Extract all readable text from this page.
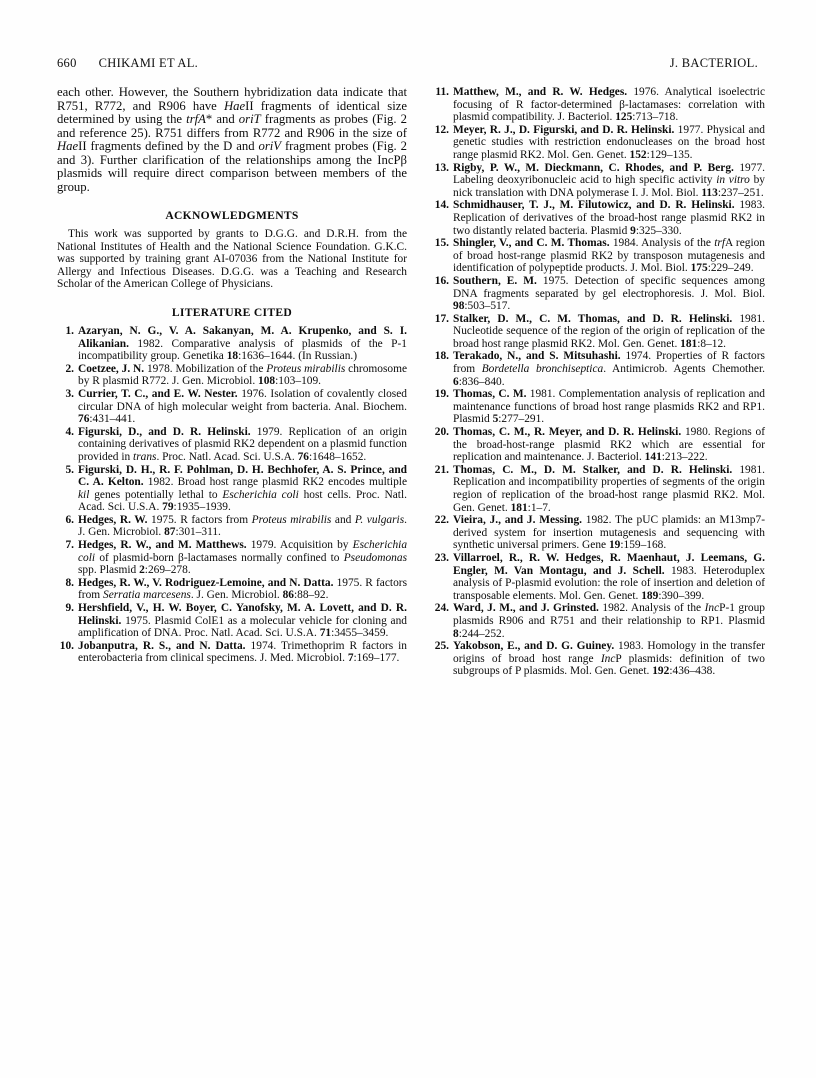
660 CHIKAMI ET AL.	J. BACTERIOL.

each other. However, the Southern hybridization data indicate that R751, R772, and R906 have HaeII fragments of identical size determined by using the trfA* and oriT fragments as probes (Fig. 2 and reference 25). R751 differs from R772 and R906 in the size of HaeII fragments defined by the D and oriV fragment probes (Fig. 2 and 3). Further clarification of the relationships among the IncPβ plasmids will require direct comparison between members of the group.

ACKNOWLEDGMENTS

This work was supported by grants to D.G.G. and D.R.H. from the National Institutes of Health and the National Science Foundation. G.K.C. was supported by training grant AI-07036 from the National Institute for Allergy and Infectious Diseases. D.G.G. was a Teaching and Research Scholar of the American College of Physicians.

LITERATURE CITED
1. Azaryan, N. G., V. A. Sakanyan, M. A. Krupenko, and S. I. Alikanian. 1982. Comparative analysis of plasmids of the P-1 incompatibility group. Genetika 18:1636–1644. (In Russian.)
2. Coetzee, J. N. 1978. Mobilization of the Proteus mirabilis chromosome by R plasmid R772. J. Gen. Microbiol. 108:103–109.
3. Currier, T. C., and E. W. Nester. 1976. Isolation of covalently closed circular DNA of high molecular weight from bacteria. Anal. Biochem. 76:431–441.
4. Figurski, D., and D. R. Helinski. 1979. Replication of an origin containing derivatives of plasmid RK2 dependent on a plasmid function provided in trans. Proc. Natl. Acad. Sci. U.S.A. 76:1648–1652.
5. Figurski, D. H., R. F. Pohlman, D. H. Bechhofer, A. S. Prince, and C. A. Kelton. 1982. Broad host range plasmid RK2 encodes multiple kil genes potentially lethal to Escherichia coli host cells. Proc. Natl. Acad. Sci. U.S.A. 79:1935–1939.
6. Hedges, R. W. 1975. R factors from Proteus mirabilis and P. vulgaris. J. Gen. Microbiol. 87:301–311.
7. Hedges, R. W., and M. Matthews. 1979. Acquisition by Escherichia coli of plasmid-born β-lactamases normally confined to Pseudomonas spp. Plasmid 2:269–278.
8. Hedges, R. W., V. Rodriguez-Lemoine, and N. Datta. 1975. R factors from Serratia marcesens. J. Gen. Microbiol. 86:88–92.
9. Hershfield, V., H. W. Boyer, C. Yanofsky, M. A. Lovett, and D. R. Helinski. 1975. Plasmid ColE1 as a molecular vehicle for cloning and amplification of DNA. Proc. Natl. Acad. Sci. U.S.A. 71:3455–3459.
10. Jobanputra, R. S., and N. Datta. 1974. Trimethoprim R factors in enterobacteria from clinical specimens. J. Med. Microbiol. 7:169–177.
11. Matthew, M., and R. W. Hedges. 1976. Analytical isoelectric focusing of R factor-determined β-lactamases: correlation with plasmid compatibility. J. Bacteriol. 125:713–718.
12. Meyer, R. J., D. Figurski, and D. R. Helinski. 1977. Physical and genetic studies with restriction endonucleases on the broad host range plasmid RK2. Mol. Gen. Genet. 152:129–135.
13. Rigby, P. W., M. Dieckmann, C. Rhodes, and P. Berg. 1977. Labeling deoxyribonucleic acid to high specific activity in vitro by nick translation with DNA polymerase I. J. Mol. Biol. 113:237–251.
14. Schmidhauser, T. J., M. Filutowicz, and D. R. Helinski. 1983. Replication of derivatives of the broad-host range plasmid RK2 in two distantly related bacteria. Plasmid 9:325–330.
15. Shingler, V., and C. M. Thomas. 1984. Analysis of the trfA region of broad host-range plasmid RK2 by transposon mutagenesis and identification of polypeptide products. J. Mol. Biol. 175:229–249.
16. Southern, E. M. 1975. Detection of specific sequences among DNA fragments separated by gel electrophoresis. J. Mol. Biol. 98:503–517.
17. Stalker, D. M., C. M. Thomas, and D. R. Helinski. 1981. Nucleotide sequence of the region of the origin of replication of the broad host range plasmid RK2. Mol. Gen. Genet. 181:8–12.
18. Terakado, N., and S. Mitsuhashi. 1974. Properties of R factors from Bordetella bronchiseptica. Antimicrob. Agents Chemother. 6:836–840.
19. Thomas, C. M. 1981. Complementation analysis of replication and maintenance functions of broad host range plasmids RK2 and RP1. Plasmid 5:277–291.
20. Thomas, C. M., R. Meyer, and D. R. Helinski. 1980. Regions of the broad-host-range plasmid RK2 which are essential for replication and maintenance. J. Bacteriol. 141:213–222.
21. Thomas, C. M., D. M. Stalker, and D. R. Helinski. 1981. Replication and incompatibility properties of segments of the origin region of replication of the broad-host range plasmid RK2. Mol. Gen. Genet. 181:1–7.
22. Vieira, J., and J. Messing. 1982. The pUC plamids: an M13mp7-derived system for insertion mutagenesis and sequencing with synthetic universal primers. Gene 19:159–168.
23. Villarroel, R., R. W. Hedges, R. Maenhaut, J. Leemans, G. Engler, M. Van Montagu, and J. Schell. 1983. Heteroduplex analysis of P-plasmid evolution: the role of insertion and deletion of transposable elements. Mol. Gen. Genet. 189:390–399.
24. Ward, J. M., and J. Grinsted. 1982. Analysis of the IncP-1 group plasmids R906 and R751 and their relationship to RP1. Plasmid 8:244–252.
25. Yakobson, E., and D. G. Guiney. 1983. Homology in the transfer origins of broad host range IncP plasmids: definition of two subgroups of P plasmids. Mol. Gen. Genet. 192:436–438.
